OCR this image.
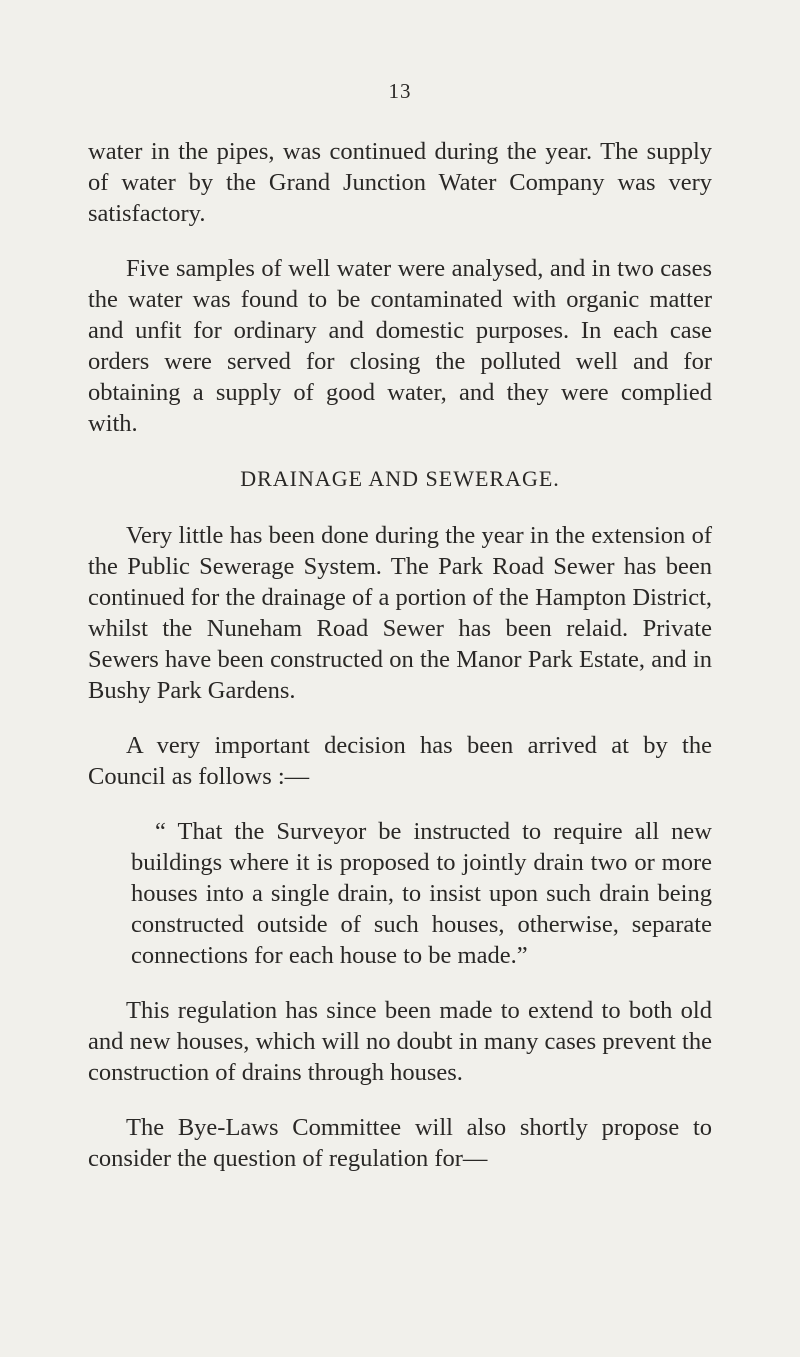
13

water in the pipes, was continued during the year. The supply of water by the Grand Junction Water Company was very satisfactory.

Five samples of well water were analysed, and in two cases the water was found to be contaminated with organic matter and unfit for ordinary and domestic purposes. In each case orders were served for closing the polluted well and for obtaining a supply of good water, and they were complied with.

DRAINAGE AND SEWERAGE.

Very little has been done during the year in the extension of the Public Sewerage System. The Park Road Sewer has been continued for the drainage of a portion of the Hampton District, whilst the Nuneham Road Sewer has been relaid. Private Sewers have been constructed on the Manor Park Estate, and in Bushy Park Gardens.

A very important decision has been arrived at by the Council as follows :—

“ That the Surveyor be instructed to require all new buildings where it is proposed to jointly drain two or more houses into a single drain, to insist upon such drain being constructed outside of such houses, otherwise, separate connections for each house to be made.”

This regulation has since been made to extend to both old and new houses, which will no doubt in many cases prevent the construction of drains through houses.

The Bye-Laws Committee will also shortly propose to consider the question of regulation for—
